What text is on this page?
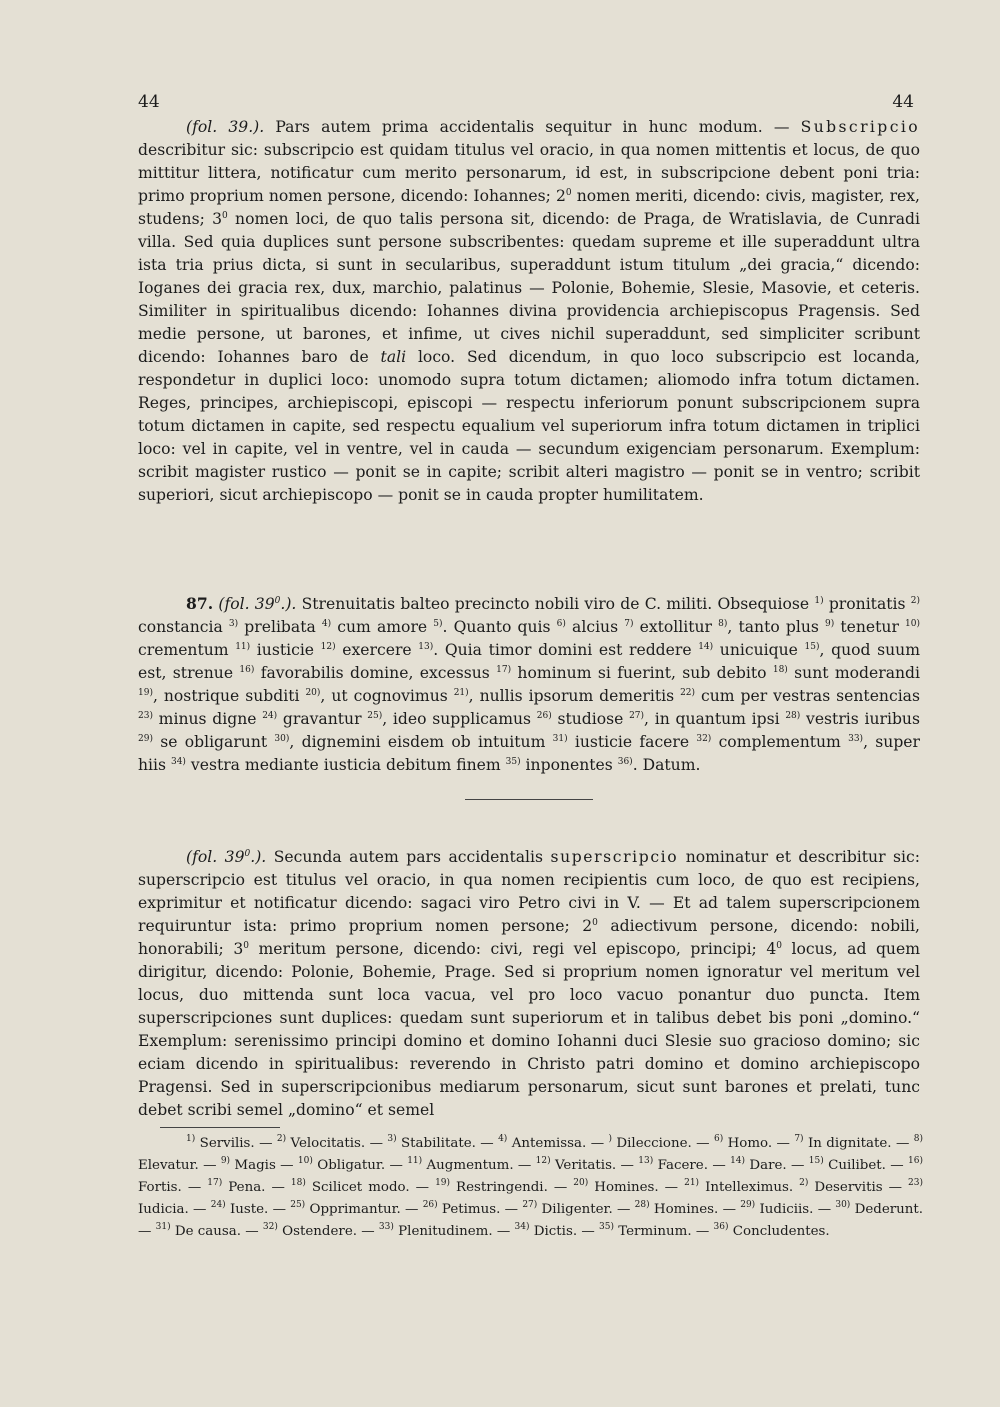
44	44

(fol. 39.). Pars autem prima accidentalis sequitur in hunc modum. — Subscripcio describitur sic: subscripcio est quidam titulus vel oracio, in qua nomen mittentis et locus, de quo mittitur littera, notificatur cum merito personarum, id est, in subscripcione debent poni tria: primo proprium nomen persone, dicendo: Iohannes; $2^0$ nomen meriti, dicendo: civis, magister, rex, studens; $3^0$ nomen loci, de quo talis persona sit, dicendo: de Praga, de Wratislavia, de Cunradi villa. Sed quia duplices sunt persone subscribentes: quedam supreme et ille superaddunt ultra ista tria prius dicta, si sunt in secularibus, superaddunt istum titulum „dei gracia,“ dicendo: Ioganes dei gracia rex, dux, marchio, palatinus — Polonie, Bohemie, Slesie, Masovie, et ceteris. Similiter in spiritualibus dicendo: Iohannes divina providencia archiepiscopus Pragensis. Sed medie persone, ut barones, et infime, ut cives nichil superaddunt, sed simpliciter scribunt dicendo: Iohannes baro de tali loco. Sed dicendum, in quo loco subscripcio est locanda, respondetur in duplici loco: unomodo supra totum dictamen; aliomodo infra totum dictamen. Reges, principes, archiepiscopi, episcopi — respectu inferiorum ponunt subscripcionem supra totum dictamen in capite, sed respectu equalium vel superiorum infra totum dictamen in triplici loco: vel in capite, vel in ventre, vel in cauda — secundum exigenciam personarum. Exemplum: scribit magister rustico — ponit se in capite; scribit alteri magistro — ponit se in ventro; scribit superiori, sicut archiepiscopo — ponit se in cauda propter humilitatem.

87. (fol. $39^0$.). Strenuitatis balteo precincto nobili viro de C. militi. Obsequiose $^{1)}$ pronitatis $^{2)}$ constancia $^{3)}$ prelibata $^{4)}$ cum amore $^{5)}$. Quanto quis $^{6)}$ alcius $^{7)}$ extollitur $^{8)}$, tanto plus $^{9)}$ tenetur $^{10)}$ crementum $^{11)}$ iusticie $^{12)}$ exercere $^{13)}$. Quia timor domini est reddere $^{14)}$ unicuique $^{15)}$, quod suum est, strenue $^{16)}$ favorabilis domine, excessus $^{17)}$ hominum si fuerint, sub debito $^{18)}$ sunt moderandi $^{19)}$, nostrique subditi $^{20)}$, ut cognovimus $^{21)}$, nullis ipsorum demeritis $^{22)}$ cum per vestras sentencias $^{23)}$ minus digne $^{24)}$ gravantur $^{25)}$, ideo supplicamus $^{26)}$ studiose $^{27)}$, in quantum ipsi $^{28)}$ vestris iuribus $^{29)}$ se obligarunt $^{30)}$, dignemini eisdem ob intuitum $^{31)}$ iusticie facere $^{32)}$ complementum $^{33)}$, super hiis $^{34)}$ vestra mediante iusticia debitum finem $^{35)}$ inponentes $^{36)}$. Datum.

(fol. $39^0$.). Secunda autem pars accidentalis superscripcio nominatur et describitur sic: superscripcio est titulus vel oracio, in qua nomen recipientis cum loco, de quo est recipiens, exprimitur et notificatur dicendo: sagaci viro Petro civi in V. — Et ad talem superscripcionem requiruntur ista: primo proprium nomen persone; $2^0$ adiectivum persone, dicendo: nobili, honorabili; $3^0$ meritum persone, dicendo: civi, regi vel episcopo, principi; $4^0$ locus, ad quem dirigitur, dicendo: Polonie, Bohemie, Prage. Sed si proprium nomen ignoratur vel meritum vel locus, duo mittenda sunt loca vacua, vel pro loco vacuo ponantur duo puncta. Item superscripciones sunt duplices: quedam sunt superiorum et in talibus debet bis poni „domino.“ Exemplum: serenissimo principi domino et domino Iohanni duci Slesie suo gracioso domino; sic eciam dicendo in spiritualibus: reverendo in Christo patri domino et domino archiepiscopo Pragensi. Sed in superscripcionibus mediarum personarum, sicut sunt barones et prelati, tunc debet scribi semel „domino“ et semel

$^{1)}$ Servilis. — $^{2)}$ Velocitatis. — $^{3)}$ Stabilitate. — $^{4)}$ Antemissa. — ) Dileccione. — $^{6)}$ Homo. — $^{7)}$ In dignitate. — $^{8)}$ Elevatur. — $^{9)}$ Magis — $^{10)}$ Obligatur. — $^{11)}$ Augmentum. — $^{12)}$ Veritatis. — $^{13)}$ Facere. — $^{14)}$ Dare. — $^{15)}$ Cuilibet. — $^{16)}$ Fortis. — $^{17)}$ Pena. — $^{18)}$ Scilicet modo. — $^{19)}$ Restringendi. — $^{20)}$ Homines. — $^{21)}$ Intelleximus. $^{2)}$ Deservitis — $^{23)}$ Iudicia. — $^{24)}$ Iuste. — $^{25)}$ Opprimantur. — $^{26)}$ Petimus. — $^{27)}$ Diligenter. — $^{28)}$ Homines. — $^{29)}$ Iudiciis. — $^{30)}$ Dederunt. — $^{31)}$ De causa. — $^{32)}$ Ostendere. — $^{33)}$ Plenitudinem. — $^{34)}$ Dictis. — $^{35)}$ Terminum. — $^{36)}$ Concludentes.
